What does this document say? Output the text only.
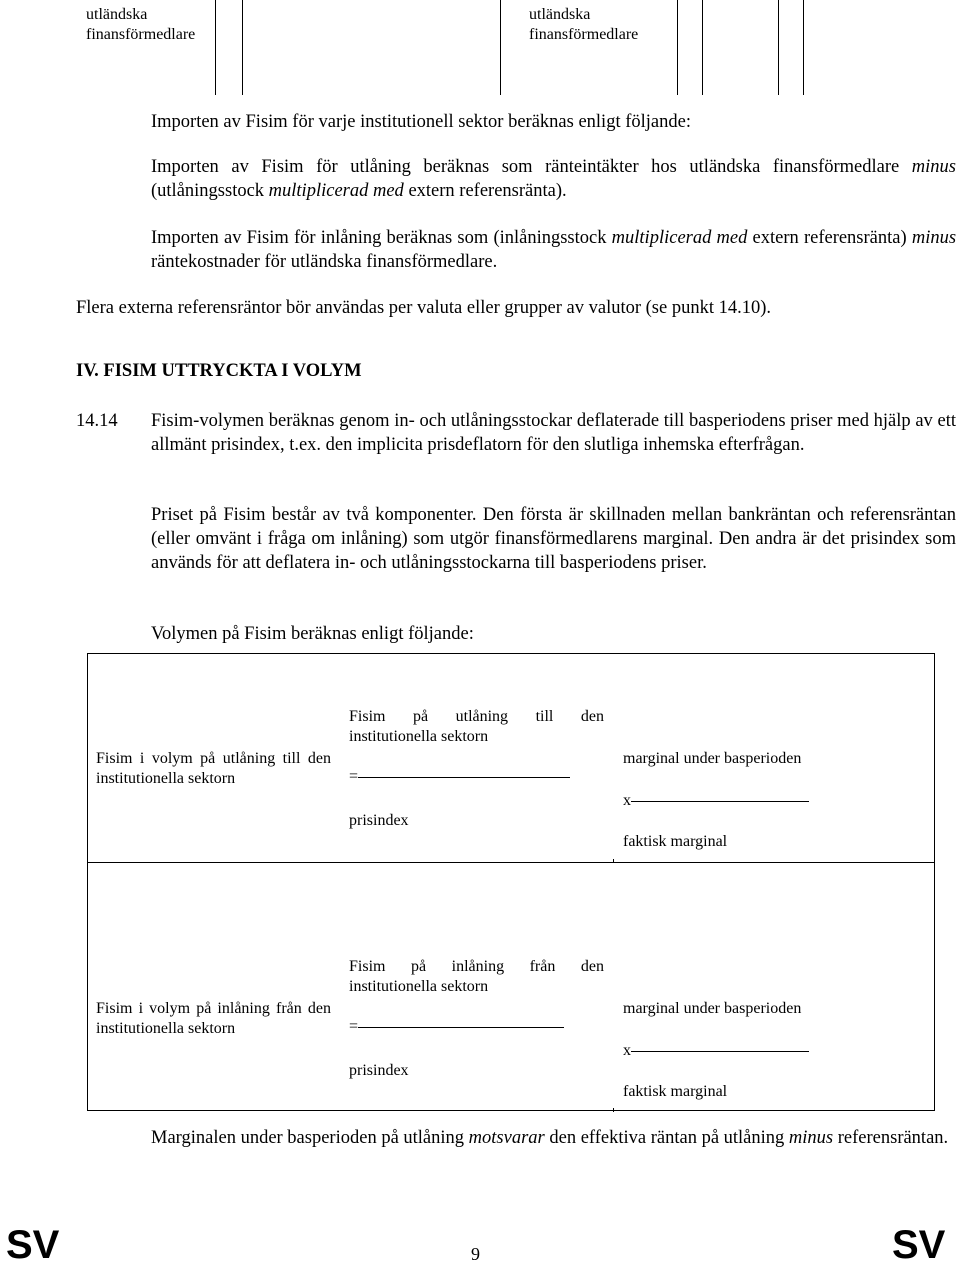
utländska finansförmedlare
utländska finansförmedlare
Importen av Fisim för varje institutionell sektor beräknas enligt följande:
Importen av Fisim för utlåning beräknas som ränteintäkter hos utländska finansförmedlare minus (utlåningsstock multiplicerad med extern referensränta).
Importen av Fisim för inlåning beräknas som (inlåningsstock multiplicerad med extern referensränta) minus räntekostnader för utländska finansförmedlare.
Flera externa referensräntor bör användas per valuta eller grupper av valutor (se punkt 14.10).
IV. FISIM UTTRYCKTA I VOLYM
14.14 Fisim-volymen beräknas genom in- och utlåningsstockar deflaterade till basperiodens priser med hjälp av ett allmänt prisindex, t.ex. den implicita prisdeflatorn för den slutliga inhemska efterfrågan.
Priset på Fisim består av två komponenter. Den första är skillnaden mellan bankräntan och referensräntan (eller omvänt i fråga om inlåning) som utgör finansförmedlarens marginal. Den andra är det prisindex som används för att deflatera in- och utlåningsstockarna till basperiodens priser.
Volymen på Fisim beräknas enligt följande:
Fisim i volym på utlåning till den institutionella sektorn
Fisim på utlåning till den
institutionella sektorn
=
prisindex
marginal under basperioden
x
faktisk marginal
Fisim i volym på inlåning från den institutionella sektorn
Fisim på inlåning från den
institutionella sektorn
=
prisindex
marginal under basperioden
x
faktisk marginal
Marginalen under basperioden på utlåning motsvarar den effektiva räntan på utlåning minus referensräntan.
SV	9	SV
